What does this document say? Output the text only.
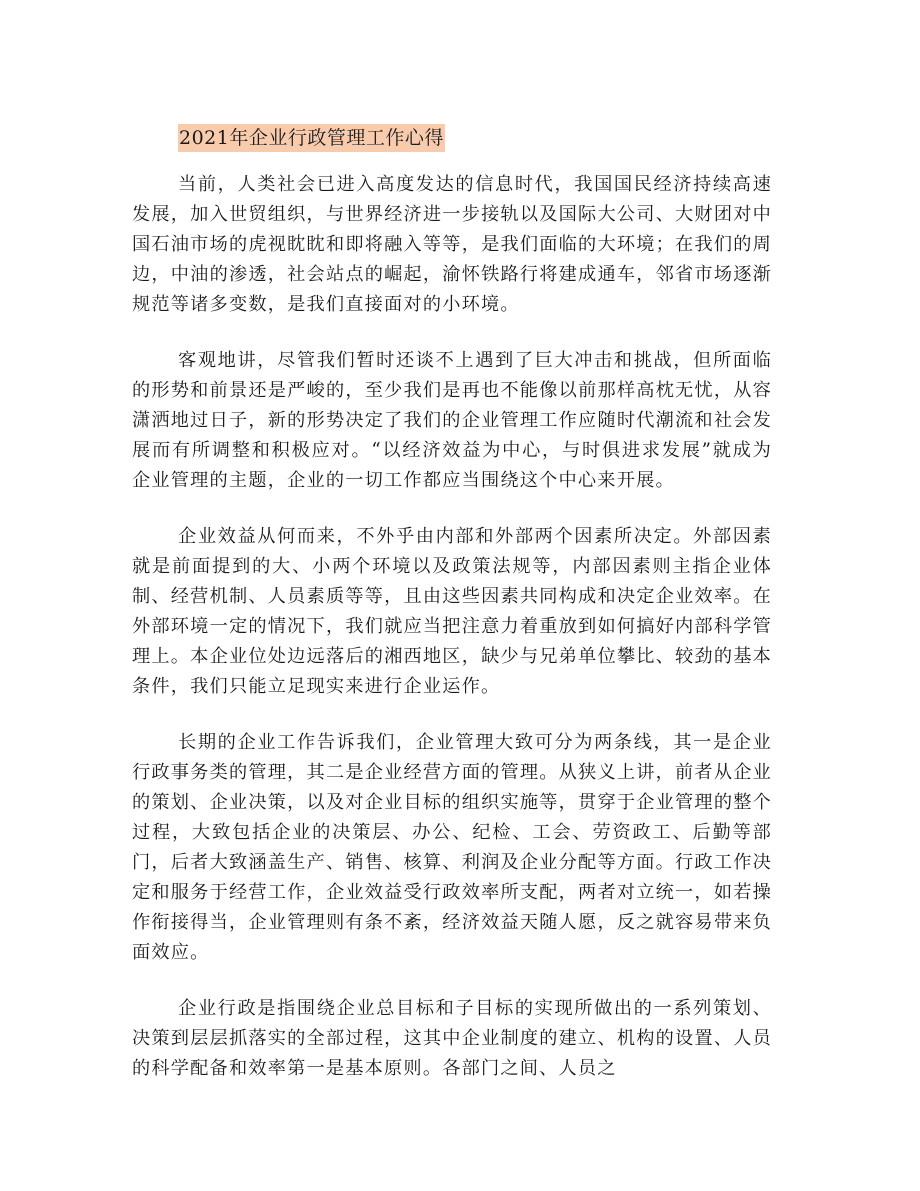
2021年企业行政管理工作心得

当前，人类社会已进入高度发达的信息时代，我国国民经济持续高速发展，加入世贸组织，与世界经济进一步接轨以及国际大公司、大财团对中国石油市场的虎视眈眈和即将融入等等，是我们面临的大环境；在我们的周边，中油的渗透，社会站点的崛起，渝怀铁路行将建成通车，邻省市场逐渐规范等诸多变数，是我们直接面对的小环境。

客观地讲，尽管我们暂时还谈不上遇到了巨大冲击和挑战，但所面临的形势和前景还是严峻的，至少我们是再也不能像以前那样高枕无忧，从容潇洒地过日子，新的形势决定了我们的企业管理工作应随时代潮流和社会发展而有所调整和积极应对。“以经济效益为中心，与时俱进求发展”就成为企业管理的主题，企业的一切工作都应当围绕这个中心来开展。

企业效益从何而来，不外乎由内部和外部两个因素所决定。外部因素就是前面提到的大、小两个环境以及政策法规等，内部因素则主指企业体制、经营机制、人员素质等等，且由这些因素共同构成和决定企业效率。在外部环境一定的情况下，我们就应当把注意力着重放到如何搞好内部科学管理上。本企业位处边远落后的湘西地区，缺少与兄弟单位攀比、较劲的基本条件，我们只能立足现实来进行企业运作。

长期的企业工作告诉我们，企业管理大致可分为两条线，其一是企业行政事务类的管理，其二是企业经营方面的管理。从狭义上讲，前者从企业的策划、企业决策，以及对企业目标的组织实施等，贯穿于企业管理的整个过程，大致包括企业的决策层、办公、纪检、工会、劳资政工、后勤等部门，后者大致涵盖生产、销售、核算、利润及企业分配等方面。行政工作决定和服务于经营工作，企业效益受行政效率所支配，两者对立统一，如若操作衔接得当，企业管理则有条不紊，经济效益天随人愿，反之就容易带来负面效应。

企业行政是指围绕企业总目标和子目标的实现所做出的一系列策划、决策到层层抓落实的全部过程，这其中企业制度的建立、机构的设置、人员的科学配备和效率第一是基本原则。各部门之间、人员之
